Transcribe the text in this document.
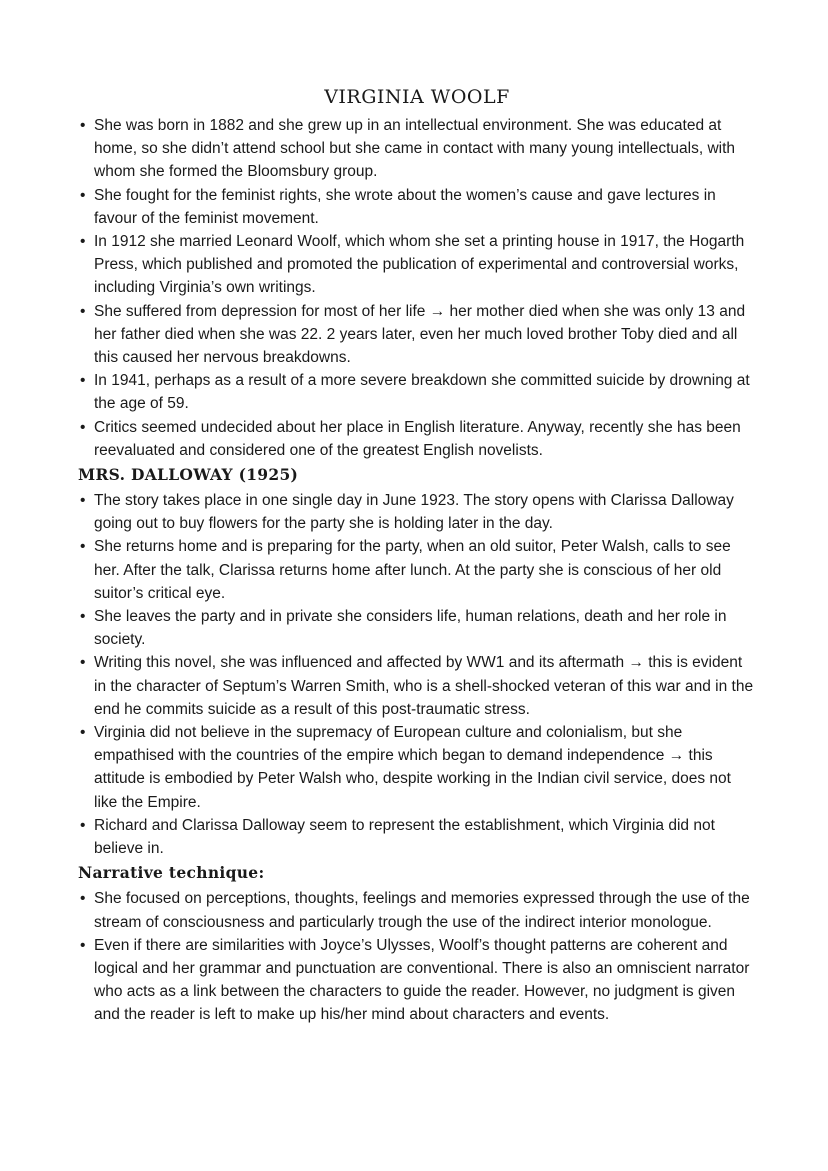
VIRGINIA WOOLF
• She was born in 1882 and she grew up in an intellectual environment. She was educated at home, so she didn’t attend school but she came in contact with many young intellectuals, with whom she formed the Bloomsbury group.
• She fought for the feminist rights, she wrote about the women’s cause and gave lectures in favour of the feminist movement.
• In 1912 she married Leonard Woolf, which whom she set a printing house in 1917, the Hogarth Press, which published and promoted the publication of experimental and controversial works, including Virginia’s own writings.
• She suffered from depression for most of her life → her mother died when she was only 13 and her father died when she was 22. 2 years later, even her much loved brother Toby died and all this caused her nervous breakdowns.
• In 1941, perhaps as a result of a more severe breakdown she committed suicide by drowning at the age of 59.
• Critics seemed undecided about her place in English literature. Anyway, recently she has been reevaluated and considered one of the greatest English novelists.
MRS. DALLOWAY (1925)
• The story takes place in one single day in June 1923. The story opens with Clarissa Dalloway going out to buy flowers for the party she is holding later in the day.
• She returns home and is preparing for the party, when an old suitor, Peter Walsh, calls to see her. After the talk, Clarissa returns home after lunch. At the party she is conscious of her old suitor’s critical eye.
• She leaves the party and in private she considers life, human relations, death and her role in society.
• Writing this novel, she was influenced and affected by WW1 and its aftermath → this is evident in the character of Septum’s Warren Smith, who is a shell-shocked veteran of this war and in the end he commits suicide as a result of this post-traumatic stress.
• Virginia did not believe in the supremacy of European culture and colonialism, but she empathised with the countries of the empire which began to demand independence → this attitude is embodied by Peter Walsh who, despite working in the Indian civil service, does not like the Empire.
• Richard and Clarissa Dalloway seem to represent the establishment, which Virginia did not believe in.
Narrative technique:
• She focused on perceptions, thoughts, feelings and memories expressed through the use of the stream of consciousness and particularly trough the use of the indirect interior monologue.
• Even if there are similarities with Joyce’s Ulysses, Woolf’s thought patterns are coherent and logical and her grammar and punctuation are conventional. There is also an omniscient narrator who acts as a link between the characters to guide the reader. However, no judgment is given and the reader is left to make up his/her mind about characters and events.
